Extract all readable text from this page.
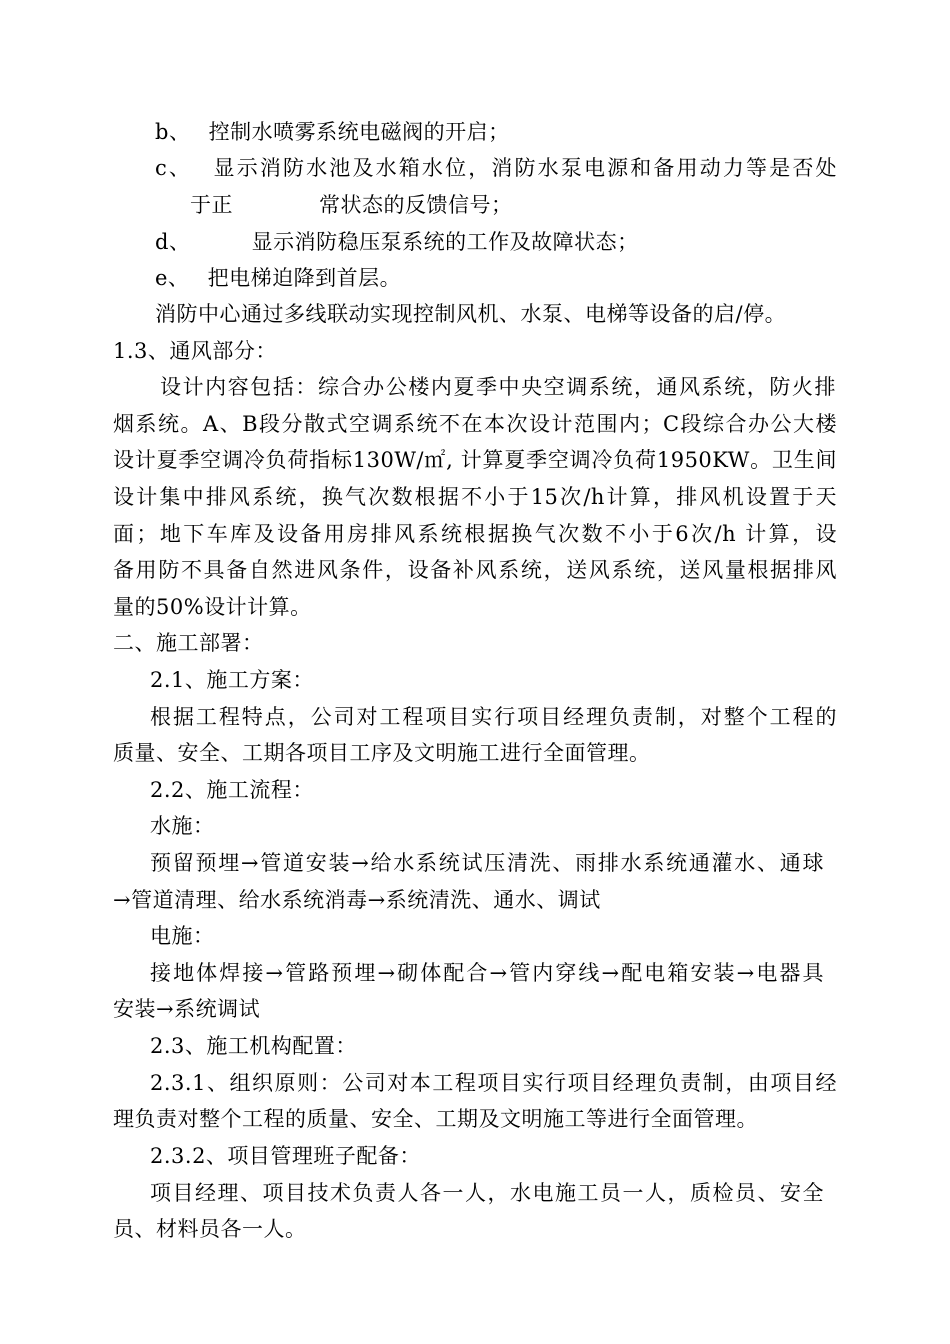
b、　 控制水喷雾系统电磁阀的开启；
c、　 显示消防水池及水箱水位，消防水泵电源和备用动力等是否处
于正　　　　常状态的反馈信号；
d、　　　 显示消防稳压泵系统的工作及故障状态；
e、　 把电梯迫降到首层。
消防中心通过多线联动实现控制风机、水泵、电梯等设备的启/停。
1.3、通风部分：
设计内容包括：综合办公楼内夏季中央空调系统，通风系统，防火排
烟系统。A、B段分散式空调系统不在本次设计范围内；C段综合办公大楼
设计夏季空调冷负荷指标130W/㎡, 计算夏季空调冷负荷1950KW。卫生间
设计集中排风系统，换气次数根据不小于15次/h计算，排风机设置于天
面；地下车库及设备用房排风系统根据换气次数不小于6次/h 计算，设
备用防不具备自然进风条件，设备补风系统，送风系统，送风量根据排风
量的50%设计计算。
二、施工部署：
2.1、施工方案：
根据工程特点，公司对工程项目实行项目经理负责制，对整个工程的
质量、安全、工期各项目工序及文明施工进行全面管理。
2.2、施工流程：
水施：
预留预埋→管道安装→给水系统试压清洗、雨排水系统通灌水、通球
→管道清理、给水系统消毒→系统清洗、通水、调试
电施：
接地体焊接→管路预埋→砌体配合→管内穿线→配电箱安装→电器具
安装→系统调试
2.3、施工机构配置：
2.3.1、组织原则：公司对本工程项目实行项目经理负责制，由项目经
理负责对整个工程的质量、安全、工期及文明施工等进行全面管理。
2.3.2、项目管理班子配备：
项目经理、项目技术负责人各一人，水电施工员一人，质检员、安全
员、材料员各一人。
